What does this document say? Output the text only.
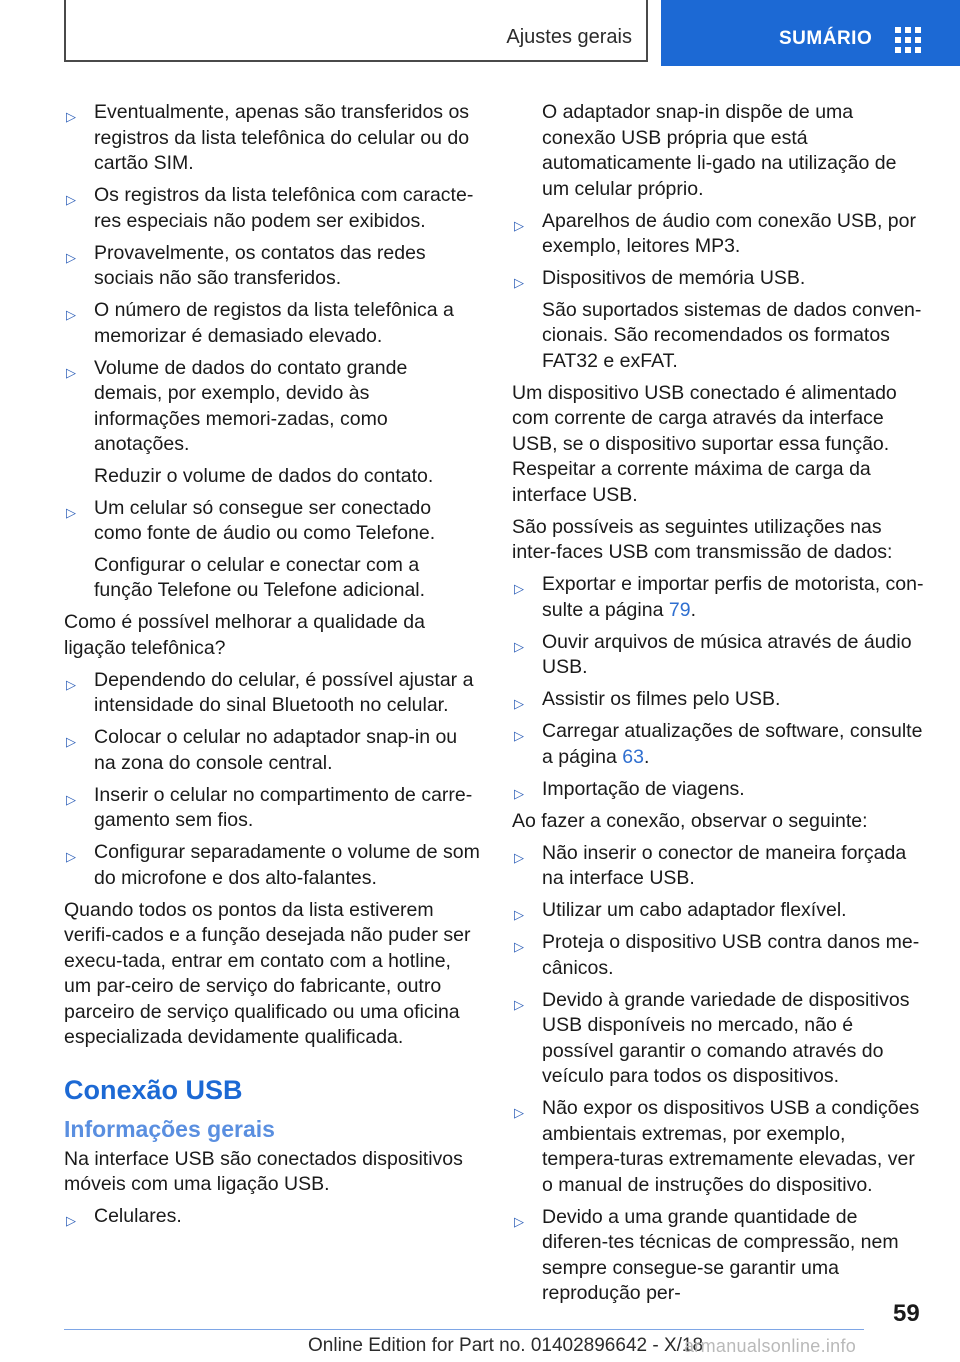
Ajustes gerais	SUMÁRIO
▷ Eventualmente, apenas são transferidos os registros da lista telefônica do celular ou do cartão SIM.
▷ Os registros da lista telefônica com caracte-res especiais não podem ser exibidos.
▷ Provavelmente, os contatos das redes sociais não são transferidos.
▷ O número de registos da lista telefônica a memorizar é demasiado elevado.
▷ Volume de dados do contato grande demais, por exemplo, devido às informações memori-zadas, como anotações.
Reduzir o volume de dados do contato.
▷ Um celular só consegue ser conectado como fonte de áudio ou como Telefone.
Configurar o celular e conectar com a função Telefone ou Telefone adicional.
Como é possível melhorar a qualidade da ligação telefônica?
▷ Dependendo do celular, é possível ajustar a intensidade do sinal Bluetooth no celular.
▷ Colocar o celular no adaptador snap-in ou na zona do console central.
▷ Inserir o celular no compartimento de carre-gamento sem fios.
▷ Configurar separadamente o volume de som do microfone e dos alto-falantes.
Quando todos os pontos da lista estiverem verifi-cados e a função desejada não puder ser execu-tada, entrar em contato com a hotline, um par-ceiro de serviço do fabricante, outro parceiro de serviço qualificado ou uma oficina especializada devidamente qualificada.
Conexão USB
Informações gerais
Na interface USB são conectados dispositivos móveis com uma ligação USB.
▷ Celulares.
O adaptador snap-in dispõe de uma conexão USB própria que está automaticamente li-gado na utilização de um celular próprio.
▷ Aparelhos de áudio com conexão USB, por exemplo, leitores MP3.
▷ Dispositivos de memória USB.
São suportados sistemas de dados conven-cionais. São recomendados os formatos FAT32 e exFAT.
Um dispositivo USB conectado é alimentado com corrente de carga através da interface USB, se o dispositivo suportar essa função. Respeitar a corrente máxima de carga da interface USB.
São possíveis as seguintes utilizações nas inter-faces USB com transmissão de dados:
▷ Exportar e importar perfis de motorista, con-sulte a página 79.
▷ Ouvir arquivos de música através de áudio USB.
▷ Assistir os filmes pelo USB.
▷ Carregar atualizações de software, consulte a página 63.
▷ Importação de viagens.
Ao fazer a conexão, observar o seguinte:
▷ Não inserir o conector de maneira forçada na interface USB.
▷ Utilizar um cabo adaptador flexível.
▷ Proteja o dispositivo USB contra danos me-cânicos.
▷ Devido à grande variedade de dispositivos USB disponíveis no mercado, não é possível garantir o comando através do veículo para todos os dispositivos.
▷ Não expor os dispositivos USB a condições ambientais extremas, por exemplo, tempera-turas extremamente elevadas, ver o manual de instruções do dispositivo.
▷ Devido a uma grande quantidade de diferen-tes técnicas de compressão, nem sempre consegue-se garantir uma reprodução per-
59
Online Edition for Part no. 01402896642 - X/18
armanualsonline.info
